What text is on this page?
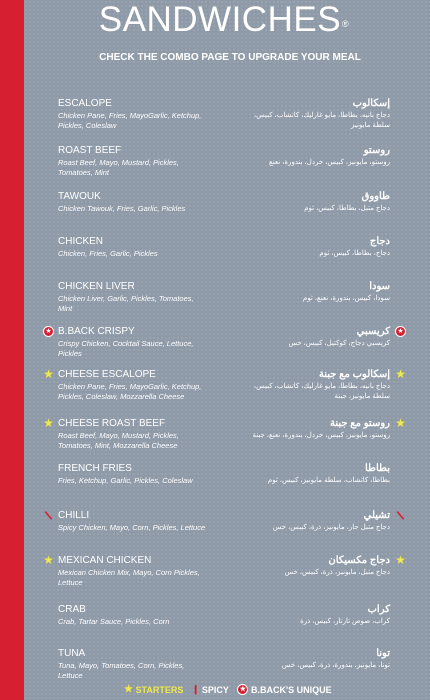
SANDWICHES®
CHECK THE COMBO PAGE TO UPGRADE YOUR MEAL
ESCALOPE
Chicken Pane, Fries, MayoGarlic, Ketchup, Pickles, Coleslaw
إسكالوب
دجاج بانيه، بطاطا، مايو غارليك، كاتشاب، كبيس، سلطة مايونيز
ROAST BEEF
Roast Beef, Mayo, Mustard, Pickles, Tomatoes, Mint
روستو
روستو، مايونيز، كبيس، خردل، بندورة، نعنع
TAWOUK
Chicken Tawouk, Fries, Garlic, Pickles
طاووق
دجاج متبل، بطاطا، كبيس، ثوم
CHICKEN
Chicken, Fries, Garlic, Pickles
دجاج
دجاج، بطاطا، كبيس، ثوم
CHICKEN LIVER
Chicken Liver, Garlic, Pickles, Tomatoes, Mint
سودا
سودا، كبيس، بندورة، نعنع، ثوم
B.BACK CRISPY
Crispy Chicken, Cocktail Sauce, Lettuce, Pickles
كريسبي
كريسبي دجاج، كوكتيل، كبيس، خس
★	★
CHEESE ESCALOPE
Chicken Pane, Fries, MayoGarlic, Ketchup, Pickles, Coleslaw, Mozzarella Cheese
إسكالوب مع جبنة
دجاج بانيه، بطاطا، مايو غارليك، كاتشاب، كبيس، سلطة مايونيز، جبنة
★	★
CHEESE ROAST BEEF
Roast Beef, Mayo, Mustard, Pickles, Tomatoes, Mint, Mozzarella Cheese
روستو مع جبنة
روستو، مايونيز، كبيس، خردل، بندورة، نعنع، جبنة
★	★
FRENCH FRIES
Fries, Ketchup, Garlic, Pickles, Coleslaw
بطاطا
بطاطا، كاتشاب، سلطة مايونيز، كبيس، ثوم
CHILLI
Spicy Chicken, Mayo, Corn, Pickles, Lettuce
تشيلي
دجاج متبل حار، مايونيز، ذرة، كبيس، خس
❙	❙
MEXICAN CHICKEN
Mexican Chicken Mix, Mayo, Corn Pickles, Lettuce
دجاج مكسيكان
دجاج متبل، مايونيز، ذرة، كبيس، خس
★	★
CRAB
Crab, Tartar Sauce, Pickles, Corn
كراب
كراب، صوص تارتار، كبيس، ذرة
TUNA
Tuna, Mayo, Tomatoes, Corn, Pickles, Lettuce
تونا
تونا، مايونيز، بندورة، ذرة، كبيس، خس
★ STARTERS ❙ SPICY ★ B.BACK'S UNIQUE
